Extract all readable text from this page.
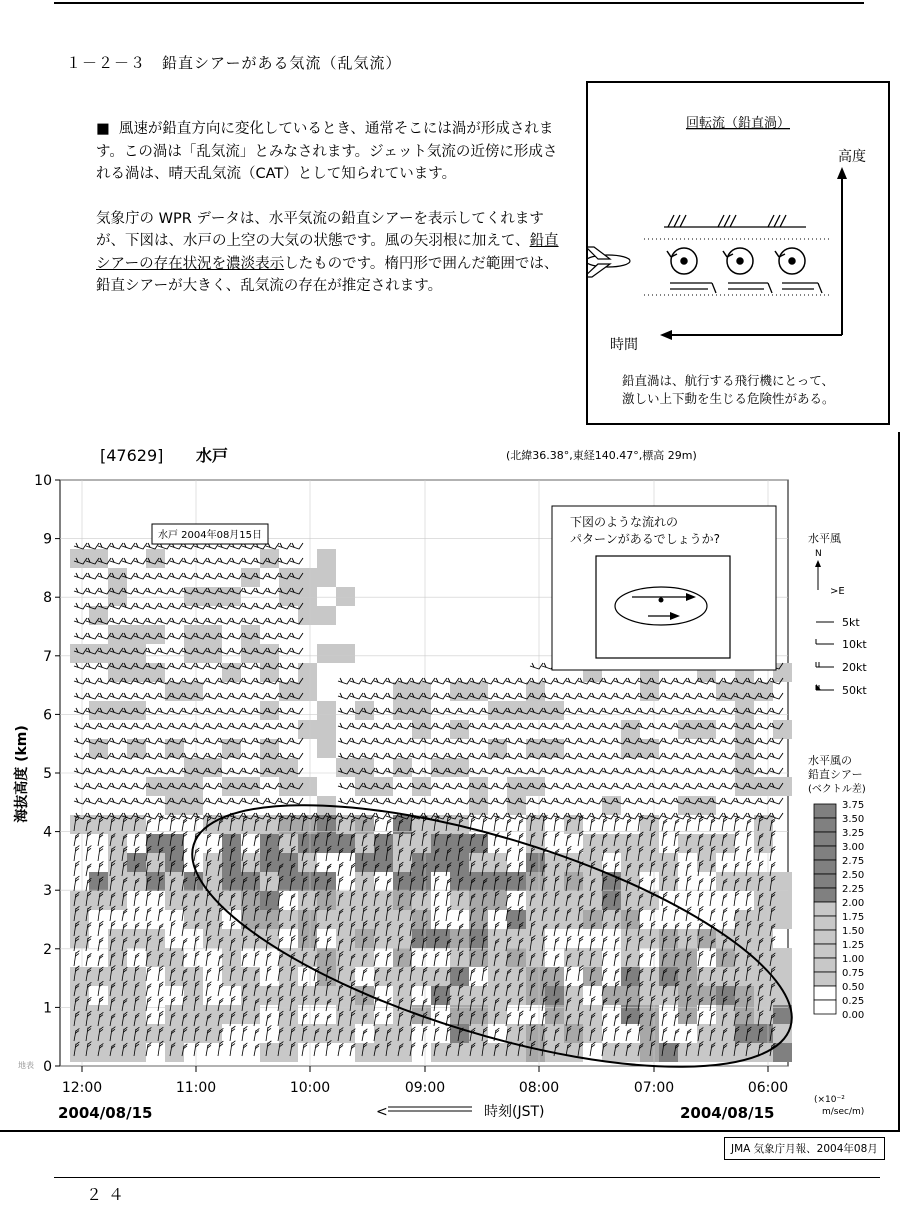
１－２－３　鉛直シアーがある気流（乱気流）

■ 風速が鉛直方向に変化しているとき、通常そこには渦が形成されます。この渦は「乱気流」とみなされます。ジェット気流の近傍に形成される渦は、晴天乱気流（CAT）として知られています。

気象庁の WPR データは、水平気流の鉛直シアーを表示してくれますが、下図は、水戸の上空の大気の状態です。風の矢羽根に加えて、鉛直シアーの存在状況を濃淡表示したものです。楕円形で囲んだ範囲では、鉛直シアーが大きく、乱気流の存在が推定されます。

回転流（鉛直渦）
高度
時間
鉛直渦は、航行する飛行機にとって、
激しい上下動を生じる危険性がある。
[47629] 水戸	(北緯36.38°,東経140.47°,標高 29m)
水戸 2004年08月15日
下図のような流れの
パターンがあるでしょうか?
0
1
2
3
4
5
6
7
8
9
10
海抜高度 (km)
地表
12:00	11:00	10:00	09:00	08:00	07:00	06:00
2004/08/15	2004/08/15
<	時刻(JST)
水平風
N
>E
5kt
10kt
20kt
50kt
水平風の
鉛直シアー
(ベクトル差)
3.75
3.50
3.25
3.00
2.75
2.50
2.25
2.00
1.75
1.50
1.25
1.00
0.75
0.50
0.25
0.00
(×10⁻²
m/sec/m)
JMA 気象庁月報、2004年08月
２４
